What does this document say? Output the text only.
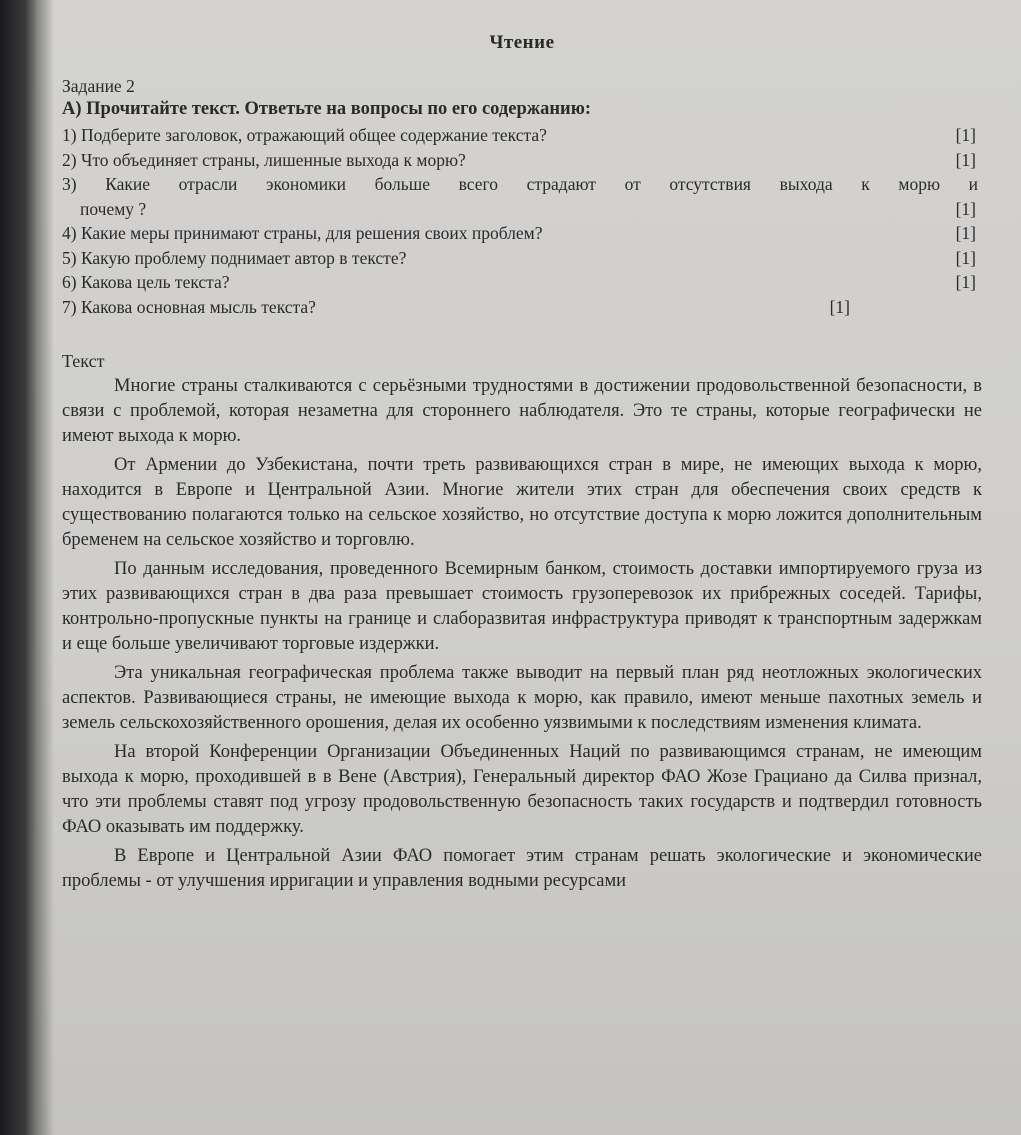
Чтение
Задание 2
А) Прочитайте текст. Ответьте на вопросы по его содержанию:
1) Подберите заголовок, отражающий общее содержание текста?	[1]
2) Что объединяет страны, лишенные выхода к морю?	[1]
3) Какие отрасли экономики больше всего страдают от отсутствия выхода к морю и
почему ?	[1]
4) Какие меры принимают страны, для решения своих проблем?	[1]
5) Какую проблему поднимает автор в тексте?	[1]
6) Какова цель текста?	[1]
7) Какова основная мысль текста?	[1]
Текст

Многие страны сталкиваются с серьёзными трудностями в достижении продовольственной безопасности, в связи с проблемой, которая незаметна для стороннего наблюдателя. Это те страны, которые географически не имеют выхода к морю.

От Армении до Узбекистана, почти треть развивающихся стран в мире, не имеющих выхода к морю, находится в Европе и Центральной Азии. Многие жители этих стран для обеспечения своих средств к существованию полагаются только на сельское хозяйство, но отсутствие доступа к морю ложится дополнительным бременем на сельское хозяйство и торговлю.

По данным исследования, проведенного Всемирным банком, стоимость доставки импортируемого груза из этих развивающихся стран в два раза превышает стоимость грузоперевозок их прибрежных соседей. Тарифы, контрольно-пропускные пункты на границе и слаборазвитая инфраструктура приводят к транспортным задержкам и еще больше увеличивают торговые издержки.

Эта уникальная географическая проблема также выводит на первый план ряд неотложных экологических аспектов. Развивающиеся страны, не имеющие выхода к морю, как правило, имеют меньше пахотных земель и земель сельскохозяйственного орошения, делая их особенно уязвимыми к последствиям изменения климата.

На второй Конференции Организации Объединенных Наций по развивающимся странам, не имеющим выхода к морю, проходившей в в Вене (Австрия), Генеральный директор ФАО Жозе Грациано да Силва признал, что эти проблемы ставят под угрозу продовольственную безопасность таких государств и подтвердил готовность ФАО оказывать им поддержку.

В Европе и Центральной Азии ФАО помогает этим странам решать экологические и экономические проблемы - от улучшения ирригации и управления водными ресурсами
